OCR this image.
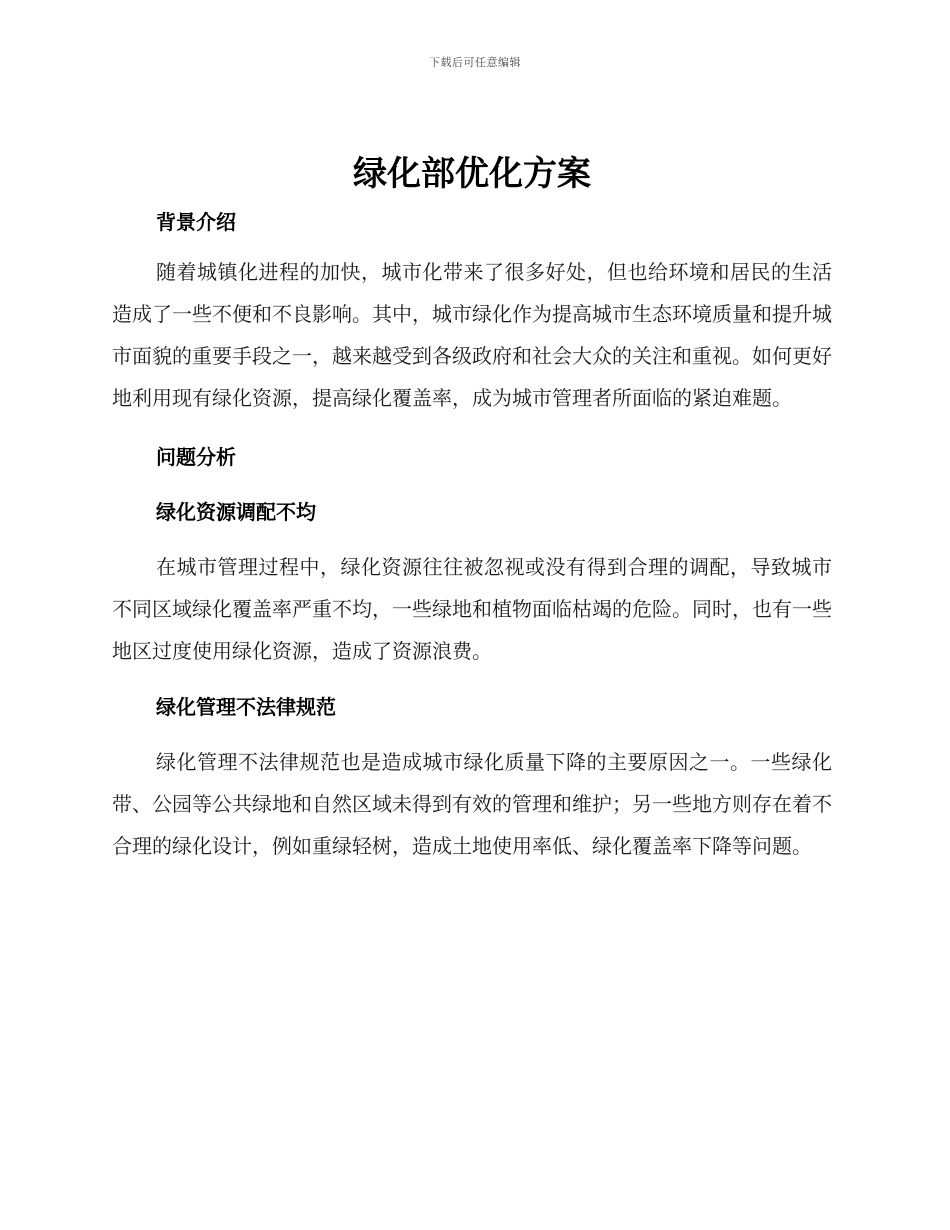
下载后可任意编辑
绿化部优化方案
背景介绍

随着城镇化进程的加快，城市化带来了很多好处，但也给环境和居民的生活造成了一些不便和不良影响。其中，城市绿化作为提高城市生态环境质量和提升城市面貌的重要手段之一，越来越受到各级政府和社会大众的关注和重视。如何更好地利用现有绿化资源，提高绿化覆盖率，成为城市管理者所面临的紧迫难题。

问题分析
绿化资源调配不均

在城市管理过程中，绿化资源往往被忽视或没有得到合理的调配，导致城市不同区域绿化覆盖率严重不均，一些绿地和植物面临枯竭的危险。同时，也有一些地区过度使用绿化资源，造成了资源浪费。

绿化管理不法律规范

绿化管理不法律规范也是造成城市绿化质量下降的主要原因之一。一些绿化带、公园等公共绿地和自然区域未得到有效的管理和维护；另一些地方则存在着不合理的绿化设计，例如重绿轻树，造成土地使用率低、绿化覆盖率下降等问题。
